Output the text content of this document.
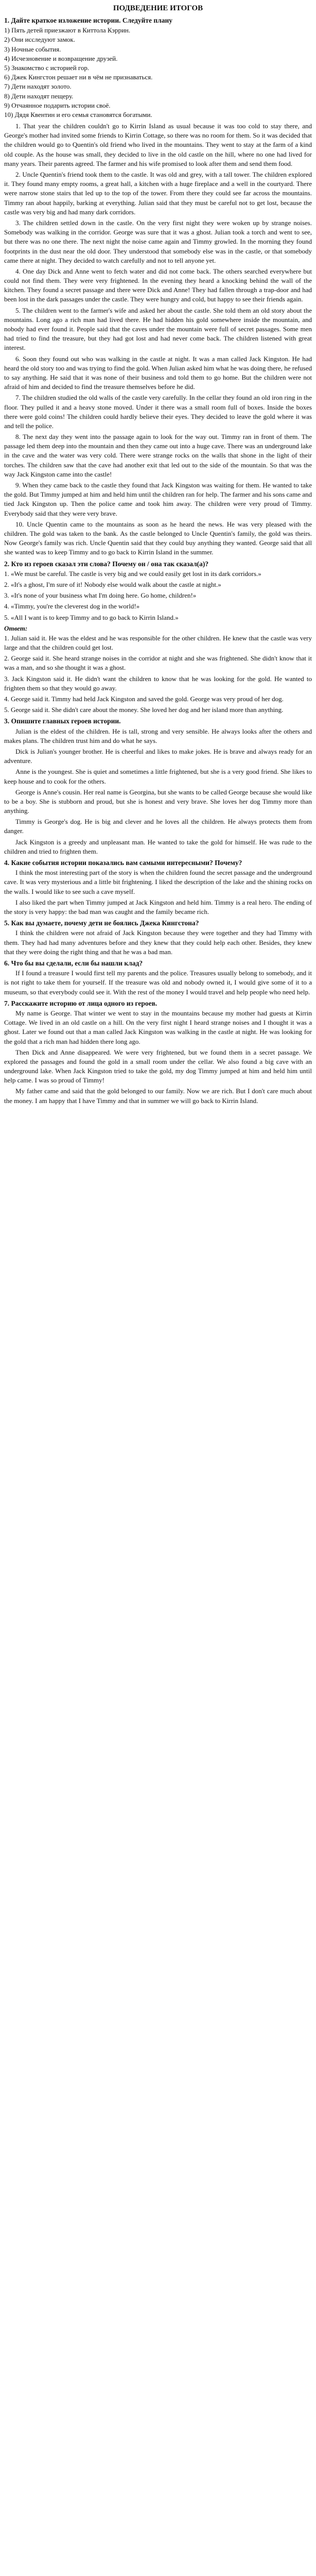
ПОДВЕДЕНИЕ ИТОГОВ
1. Дайте краткое изложение истории. Следуйте плану
1) Пять детей приезжают в Киттола Кэррин.
2) Они исследуют замок.
3) Ночные события.
4) Исчезновение и возвращение друзей.
5) Знакомство с историей гор.
6) Джек Кингстон решает ни в чём не признаваться.
7) Дети находят золото.
8) Дети находят пещеру.
9) Отчаянное подарить истории своё.
10) Дядя Квентин и его семья становятся богатыми.

1. That year the children couldn't go to Kirrin Island as usual because it was too cold to stay there, and George's mother had invited some friends to Kirrin Cottage, so there was no room for them. So it was decided that the children would go to Quentin's old friend who lived in the mountains. They went to stay at the farm of a kind old couple. As the house was small, they decided to live in the old castle on the hill, where no one had lived for many years. Their parents agreed. The farmer and his wife promised to look after them and send them food.

2. Uncle Quentin's friend took them to the castle. It was old and grey, with a tall tower. The children explored it. They found many empty rooms, a great hall, a kitchen with a huge fireplace and a well in the courtyard. There were narrow stone stairs that led up to the top of the tower. From there they could see far across the mountains. Timmy ran about happily, barking at everything. Julian said that they must be careful not to get lost, because the castle was very big and had many dark corridors.

3. The children settled down in the castle. On the very first night they were woken up by strange noises. Somebody was walking in the corridor. George was sure that it was a ghost. Julian took a torch and went to see, but there was no one there. The next night the noise came again and Timmy growled. In the morning they found footprints in the dust near the old door. They understood that somebody else was in the castle, or that somebody came there at night. They decided to watch carefully and not to tell anyone yet.

4. One day Dick and Anne went to fetch water and did not come back. The others searched everywhere but could not find them. They were very frightened. In the evening they heard a knocking behind the wall of the kitchen. They found a secret passage and there were Dick and Anne! They had fallen through a trap-door and had been lost in the dark passages under the castle. They were hungry and cold, but happy to see their friends again.

5. The children went to the farmer's wife and asked her about the castle. She told them an old story about the mountains. Long ago a rich man had lived there. He had hidden his gold somewhere inside the mountain, and nobody had ever found it. People said that the caves under the mountain were full of secret passages. Some men had tried to find the treasure, but they had got lost and had never come back. The children listened with great interest.

6. Soon they found out who was walking in the castle at night. It was a man called Jack Kingston. He had heard the old story too and was trying to find the gold. When Julian asked him what he was doing there, he refused to say anything. He said that it was none of their business and told them to go home. But the children were not afraid of him and decided to find the treasure themselves before he did.

7. The children studied the old walls of the castle very carefully. In the cellar they found an old iron ring in the floor. They pulled it and a heavy stone moved. Under it there was a small room full of boxes. Inside the boxes there were gold coins! The children could hardly believe their eyes. They decided to leave the gold where it was and tell the police.

8. The next day they went into the passage again to look for the way out. Timmy ran in front of them. The passage led them deep into the mountain and then they came out into a huge cave. There was an underground lake in the cave and the water was very cold. There were strange rocks on the walls that shone in the light of their torches. The children saw that the cave had another exit that led out to the side of the mountain. So that was the way Jack Kingston came into the castle!

9. When they came back to the castle they found that Jack Kingston was waiting for them. He wanted to take the gold. But Timmy jumped at him and held him until the children ran for help. The farmer and his sons came and tied Jack Kingston up. Then the police came and took him away. The children were very proud of Timmy. Everybody said that they were very brave.

10. Uncle Quentin came to the mountains as soon as he heard the news. He was very pleased with the children. The gold was taken to the bank. As the castle belonged to Uncle Quentin's family, the gold was theirs. Now George's family was rich. Uncle Quentin said that they could buy anything they wanted. George said that all she wanted was to keep Timmy and to go back to Kirrin Island in the summer.

2. Кто из героев сказал эти слова? Почему он / она так сказал(а)?

1. «We must be careful. The castle is very big and we could easily get lost in its dark corridors.»

2. «It's a ghost, I'm sure of it! Nobody else would walk about the castle at night.»

3. «It's none of your business what I'm doing here. Go home, children!»

4. «Timmy, you're the cleverest dog in the world!»

5. «All I want is to keep Timmy and to go back to Kirrin Island.»

Ответ:

1. Julian said it. He was the eldest and he was responsible for the other children. He knew that the castle was very large and that the children could get lost.

2. George said it. She heard strange noises in the corridor at night and she was frightened. She didn't know that it was a man, and so she thought it was a ghost.

3. Jack Kingston said it. He didn't want the children to know that he was looking for the gold. He wanted to frighten them so that they would go away.

4. George said it. Timmy had held Jack Kingston and saved the gold. George was very proud of her dog.

5. George said it. She didn't care about the money. She loved her dog and her island more than anything.

3. Опишите главных героев истории.

Julian is the eldest of the children. He is tall, strong and very sensible. He always looks after the others and makes plans. The children trust him and do what he says.

Dick is Julian's younger brother. He is cheerful and likes to make jokes. He is brave and always ready for an adventure.

Anne is the youngest. She is quiet and sometimes a little frightened, but she is a very good friend. She likes to keep house and to cook for the others.

George is Anne's cousin. Her real name is Georgina, but she wants to be called George because she would like to be a boy. She is stubborn and proud, but she is honest and very brave. She loves her dog Timmy more than anything.

Timmy is George's dog. He is big and clever and he loves all the children. He always protects them from danger.

Jack Kingston is a greedy and unpleasant man. He wanted to take the gold for himself. He was rude to the children and tried to frighten them.

4. Какие события истории показались вам самыми интересными? Почему?

I think the most interesting part of the story is when the children found the secret passage and the underground cave. It was very mysterious and a little bit frightening. I liked the description of the lake and the shining rocks on the walls. I would like to see such a cave myself.

I also liked the part when Timmy jumped at Jack Kingston and held him. Timmy is a real hero. The ending of the story is very happy: the bad man was caught and the family became rich.

5. Как вы думаете, почему дети не боялись Джека Кингстона?

I think the children were not afraid of Jack Kingston because they were together and they had Timmy with them. They had had many adventures before and they knew that they could help each other. Besides, they knew that they were doing the right thing and that he was a bad man.

6. Что бы вы сделали, если бы нашли клад?

If I found a treasure I would first tell my parents and the police. Treasures usually belong to somebody, and it is not right to take them for yourself. If the treasure was old and nobody owned it, I would give some of it to a museum, so that everybody could see it. With the rest of the money I would travel and help people who need help.

7. Расскажите историю от лица одного из героев.

My name is George. That winter we went to stay in the mountains because my mother had guests at Kirrin Cottage. We lived in an old castle on a hill. On the very first night I heard strange noises and I thought it was a ghost. Later we found out that a man called Jack Kingston was walking in the castle at night. He was looking for the gold that a rich man had hidden there long ago.

Then Dick and Anne disappeared. We were very frightened, but we found them in a secret passage. We explored the passages and found the gold in a small room under the cellar. We also found a big cave with an underground lake. When Jack Kingston tried to take the gold, my dog Timmy jumped at him and held him until help came. I was so proud of Timmy!

My father came and said that the gold belonged to our family. Now we are rich. But I don't care much about the money. I am happy that I have Timmy and that in summer we will go back to Kirrin Island.
